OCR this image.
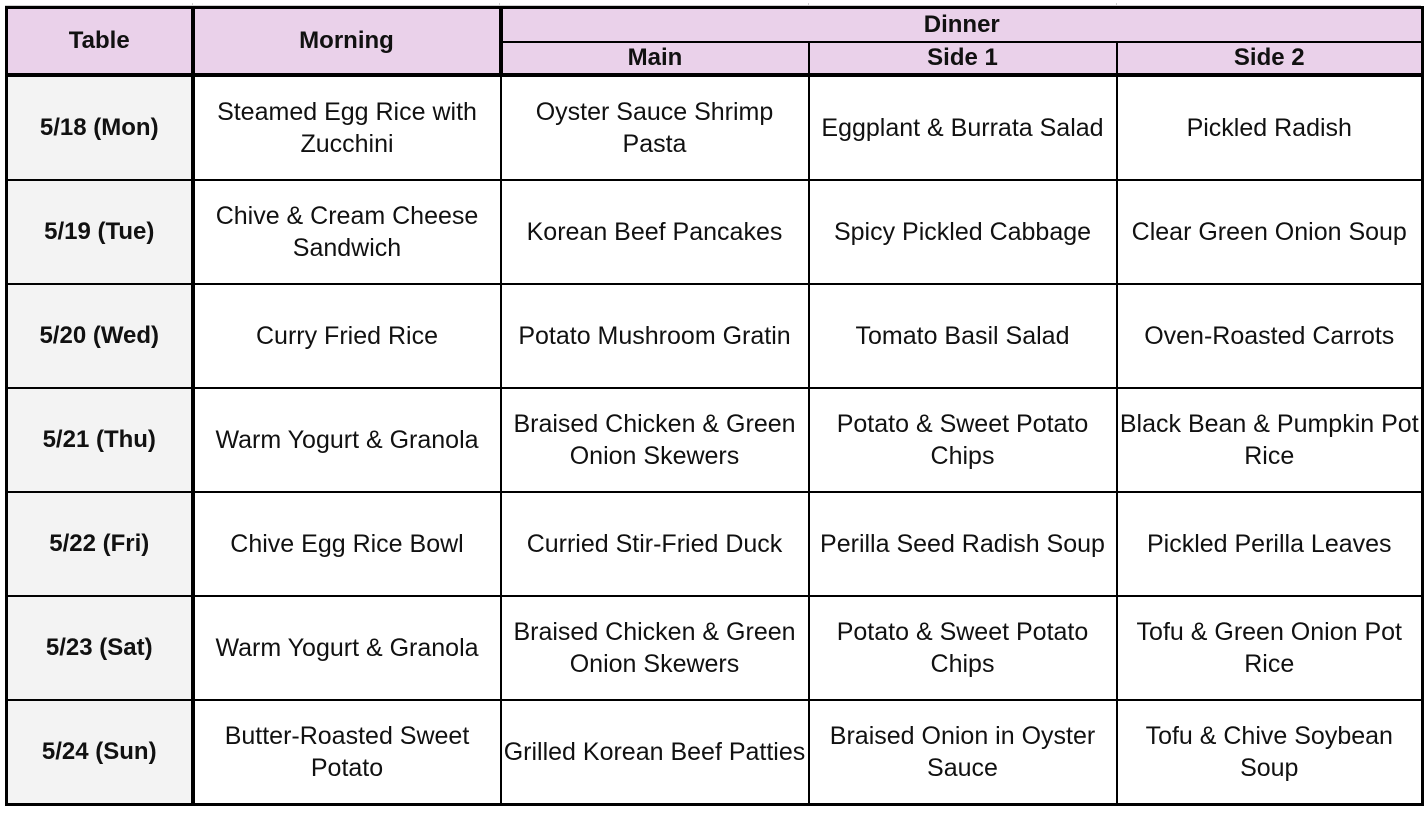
Table	Morning	Dinner		
		Main	Side 1	Side 2
5/18 (Mon)	Steamed Egg Rice with Zucchini	Oyster Sauce Shrimp Pasta	Eggplant & Burrata Salad	Pickled Radish
5/19 (Tue)	Chive & Cream Cheese Sandwich	Korean Beef Pancakes	Spicy Pickled Cabbage	Clear Green Onion Soup
5/20 (Wed)	Curry Fried Rice	Potato Mushroom Gratin	Tomato Basil Salad	Oven-Roasted Carrots
5/21 (Thu)	Warm Yogurt & Granola	Braised Chicken & Green Onion Skewers	Potato & Sweet Potato Chips	Black Bean & Pumpkin Pot Rice
5/22 (Fri)	Chive Egg Rice Bowl	Curried Stir-Fried Duck	Perilla Seed Radish Soup	Pickled Perilla Leaves
5/23 (Sat)	Warm Yogurt & Granola	Braised Chicken & Green Onion Skewers	Potato & Sweet Potato Chips	Tofu & Green Onion Pot Rice
5/24 (Sun)	Butter-Roasted Sweet Potato	Grilled Korean Beef Patties	Braised Onion in Oyster Sauce	Tofu & Chive Soybean Soup
